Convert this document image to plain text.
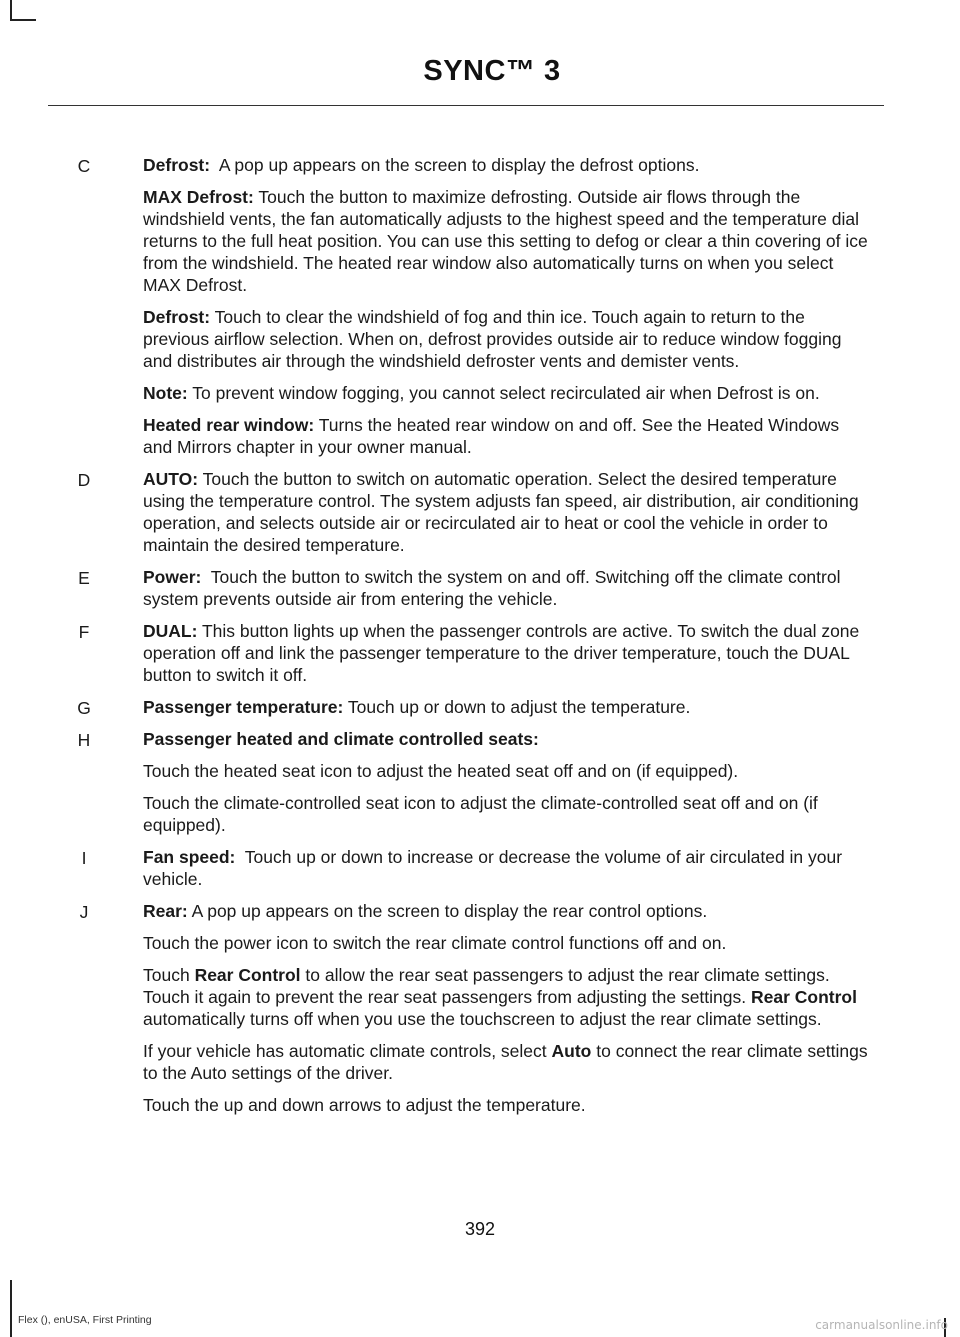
SYNC™ 3
C	Defrost:  A pop up appears on the screen to display the defrost options.

MAX Defrost: Touch the button to maximize defrosting. Outside air flows through the windshield vents, the fan automatically adjusts to the highest speed and the temperature dial returns to the full heat position. You can use this setting to defog or clear a thin covering of ice from the windshield. The heated rear window also automatically turns on when you select MAX Defrost.

Defrost: Touch to clear the windshield of fog and thin ice. Touch again to return to the previous airflow selection. When on, defrost provides outside air to reduce window fogging and distributes air through the windshield defroster vents and demister vents.

Note: To prevent window fogging, you cannot select recirculated air when Defrost is on.

Heated rear window: Turns the heated rear window on and off. See the Heated Windows and Mirrors chapter in your owner manual.

D	AUTO: Touch the button to switch on automatic operation. Select the desired temperature using the temperature control. The system adjusts fan speed, air distribution, air conditioning operation, and selects outside air or recirculated air to heat or cool the vehicle in order to maintain the desired temperature.

E	Power:  Touch the button to switch the system on and off. Switching off the climate control system prevents outside air from entering the vehicle.

F	DUAL: This button lights up when the passenger controls are active. To switch the dual zone operation off and link the passenger temperature to the driver temperature, touch the DUAL button to switch it off.

G	Passenger temperature: Touch up or down to adjust the temperature.

H	Passenger heated and climate controlled seats:

Touch the heated seat icon to adjust the heated seat off and on (if equipped).

Touch the climate-controlled seat icon to adjust the climate-controlled seat off and on (if equipped).

I	Fan speed:  Touch up or down to increase or decrease the volume of air circulated in your vehicle.

J	Rear: A pop up appears on the screen to display the rear control options.

Touch the power icon to switch the rear climate control functions off and on.

Touch Rear Control to allow the rear seat passengers to adjust the rear climate settings. Touch it again to prevent the rear seat passengers from adjusting the settings. Rear Control automatically turns off when you use the touchscreen to adjust the rear climate settings.

If your vehicle has automatic climate controls, select Auto to connect the rear climate settings to the Auto settings of the driver.

Touch the up and down arrows to adjust the temperature.

392
Flex (), enUSA, First Printing	carmanualsonline.info
